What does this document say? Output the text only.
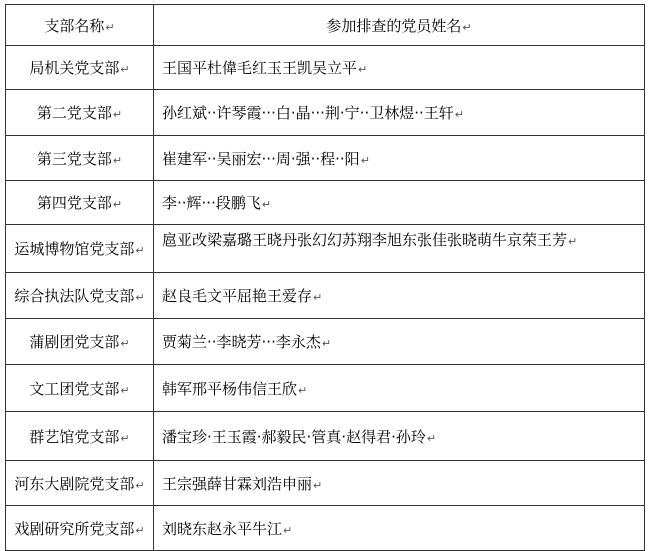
支部名称↵	参加排查的党员姓名↵
局机关党支部↵	王国平杜偉毛红玉王凯吴立平↵
第二党支部↵	孙红斌··许琴霞···白·晶···荆·宁··卫林煜··王轩↵
第三党支部↵	崔建军··吴丽宏···周·强··程··阳↵
第四党支部↵	李··辉···段鹏飞↵
运城博物馆党支部↵	扈亚改梁嘉璐王晓丹张幻幻苏翔李旭东张佳张晓萌牛京荣王芳↵
综合执法队党支部↵	赵良毛文平屈艳王爱存↵
蒲剧团党支部↵	贾菊兰··李晓芳···李永杰↵
文工团党支部↵	韩军邢平杨伟信王欣↵
群艺馆党支部↵	潘宝珍·王玉霞·郝毅民·管真·赵得君·孙玲↵
河东大剧院党支部↵	王宗强薛甘霖刘浩申丽↵
戏剧研究所党支部↵	刘晓东赵永平牛江↵
